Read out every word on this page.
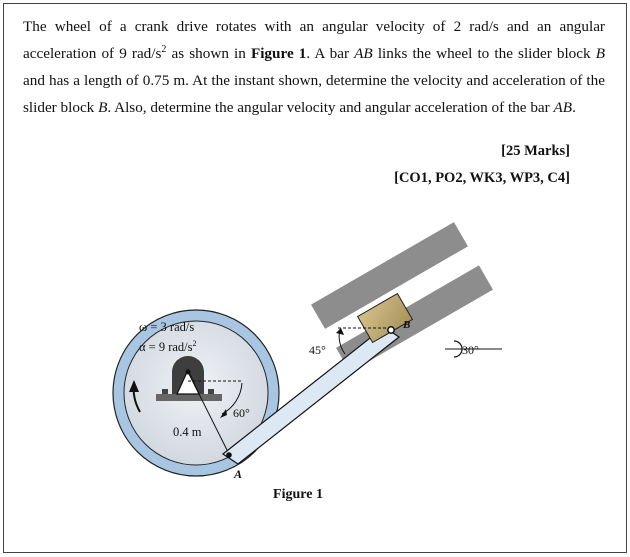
The wheel of a crank drive rotates with an angular velocity of 2 rad/s and an angular
acceleration of 9 rad/$s^2$ as shown in Figure 1. A bar AB links the wheel to the slider block B
and has a length of 0.75 m. At the instant shown, determine the velocity and acceleration of the
slider block B. Also, determine the angular velocity and angular acceleration of the bar AB.
[25 Marks]
[CO1, PO2, WK3, WP3, C4]
ω = 3 rad/s
α = 9 rad/$s^2$
0.4 m
60°
45°	30°
A
B
Figure 1
